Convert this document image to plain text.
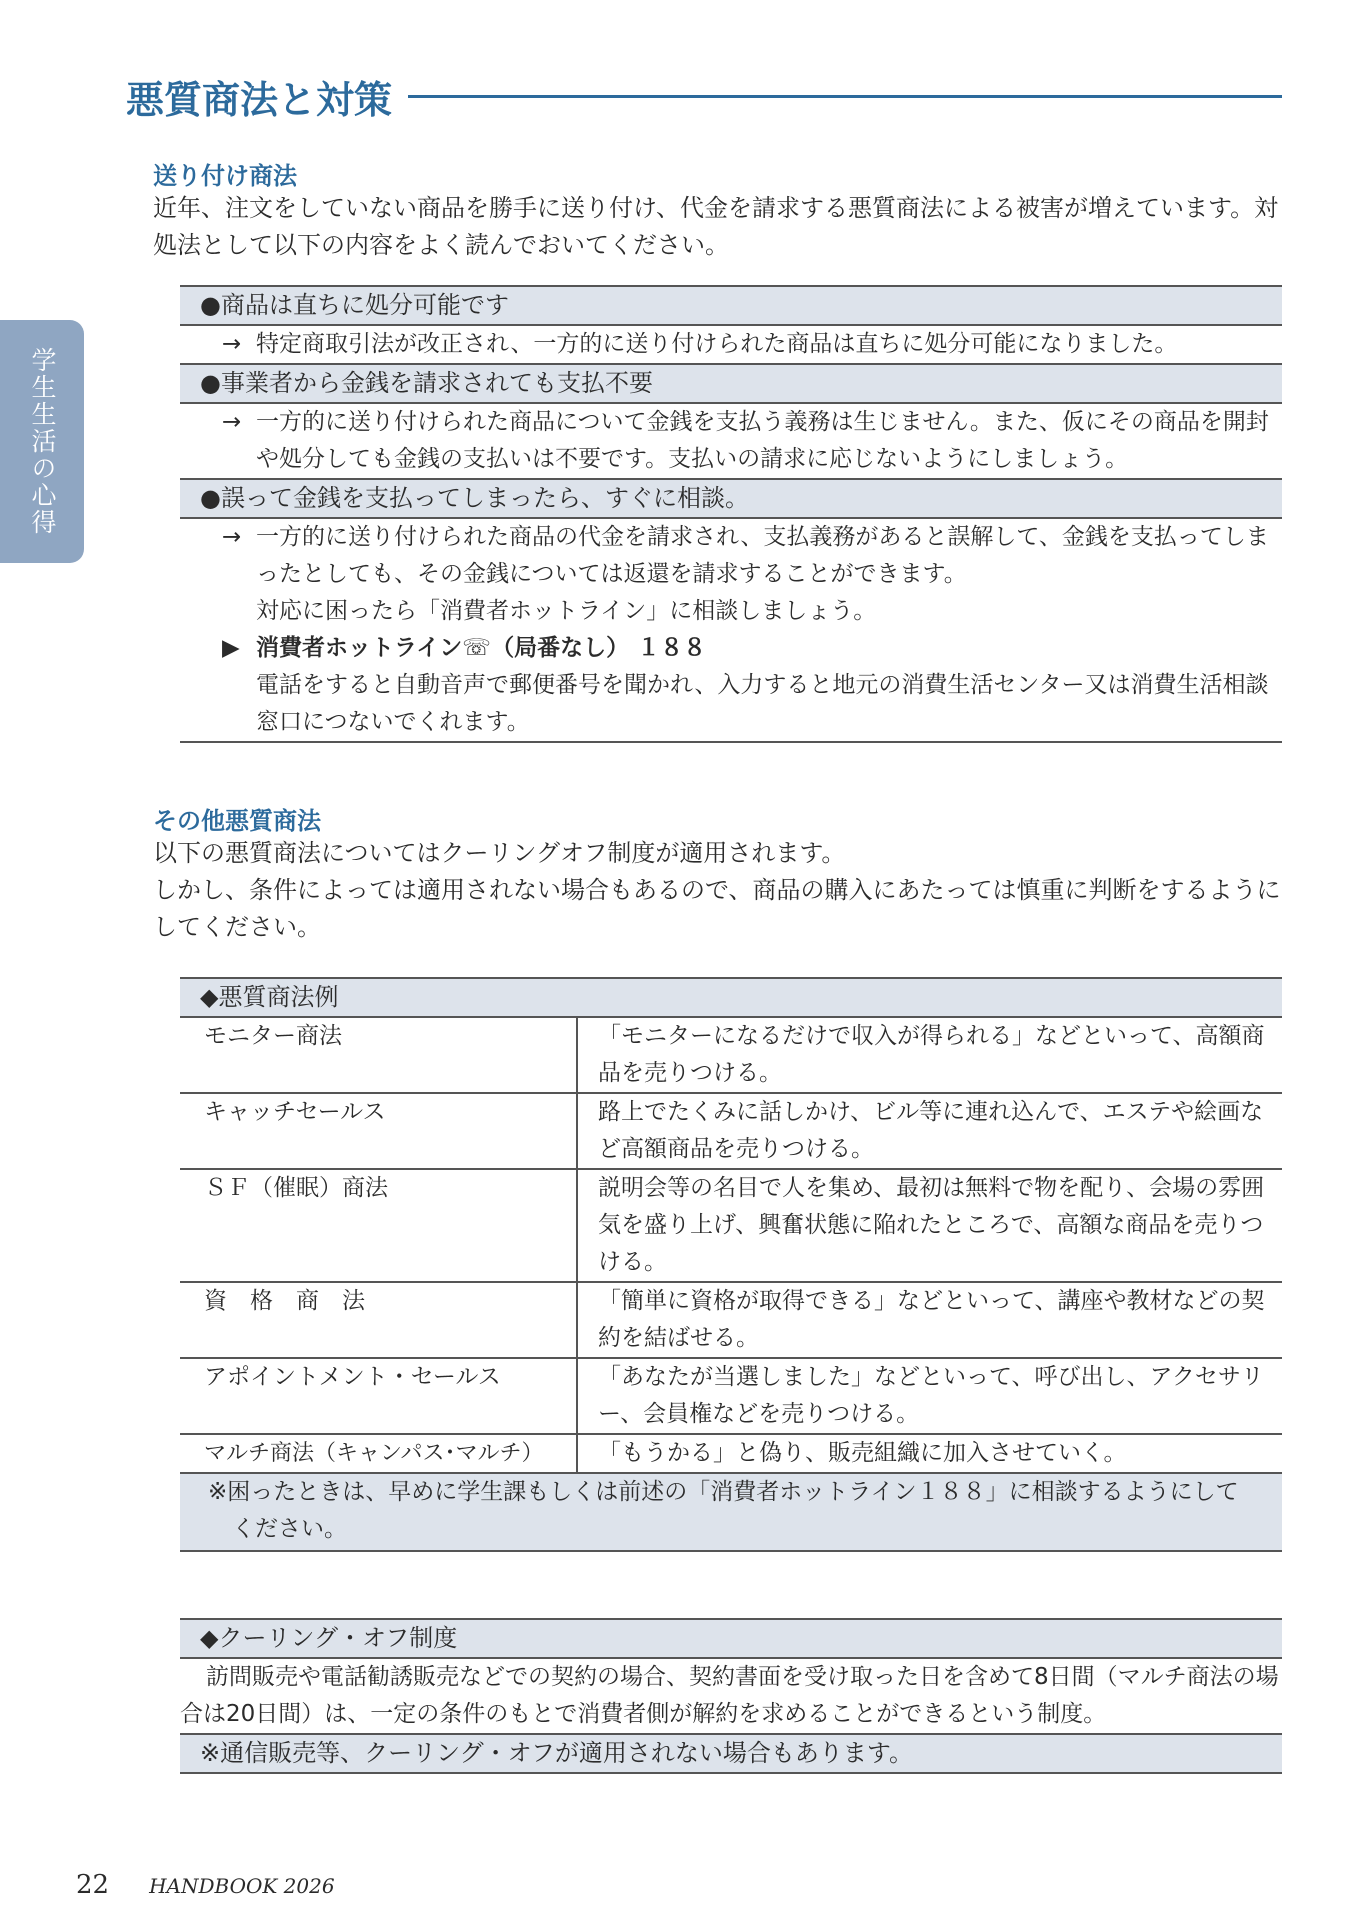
学生生活の心得
悪質商法と対策
送り付け商法

近年、注文をしていない商品を勝手に送り付け、代金を請求する悪質商法による被害が増えています。対処法として以下の内容をよく読んでおいてください。

●商品は直ちに処分可能です
→ 特定商取引法が改正され、一方的に送り付けられた商品は直ちに処分可能になりました。
●事業者から金銭を請求されても支払不要
→ 一方的に送り付けられた商品について金銭を支払う義務は生じません。また、仮にその商品を開封や処分しても金銭の支払いは不要です。支払いの請求に応じないようにしましょう。
●誤って金銭を支払ってしまったら、すぐに相談。
→ 一方的に送り付けられた商品の代金を請求され、支払義務があると誤解して、金銭を支払ってしまったとしても、その金銭については返還を請求することができます。
対応に困ったら「消費者ホットライン」に相談しましょう。
▶ 消費者ホットライン☏（局番なし） １８８
電話をすると自動音声で郵便番号を聞かれ、入力すると地元の消費生活センター又は消費生活相談窓口につないでくれます。
その他悪質商法

以下の悪質商法についてはクーリングオフ制度が適用されます。

しかし、条件によっては適用されない場合もあるので、商品の購入にあたっては慎重に判断をするようにしてください。

◆悪質商法例
モニター商法	「モニターになるだけで収入が得られる」などといって、高額商品を売りつける。
キャッチセールス	路上でたくみに話しかけ、ビル等に連れ込んで、エステや絵画など高額商品を売りつける。
ＳＦ（催眠）商法	説明会等の名目で人を集め、最初は無料で物を配り、会場の雰囲気を盛り上げ、興奮状態に陥れたところで、高額な商品を売りつける。
資　格　商　法	「簡単に資格が取得できる」などといって、講座や教材などの契約を結ばせる。
アポイントメント・セールス	「あなたが当選しました」などといって、呼び出し、アクセサリー、会員権などを売りつける。
マルチ商法（キャンパス･マルチ）	「もうかる」と偽り、販売組織に加入させていく。
※困ったときは、早めに学生課もしくは前述の「消費者ホットライン１８８」に相談するようにしてください。
◆クーリング・オフ制度
訪問販売や電話勧誘販売などでの契約の場合、契約書面を受け取った日を含めて8日間（マルチ商法の場合は20日間）は、一定の条件のもとで消費者側が解約を求めることができるという制度。
※通信販売等、クーリング・オフが適用されない場合もあります。
22 HANDBOOK 2026
